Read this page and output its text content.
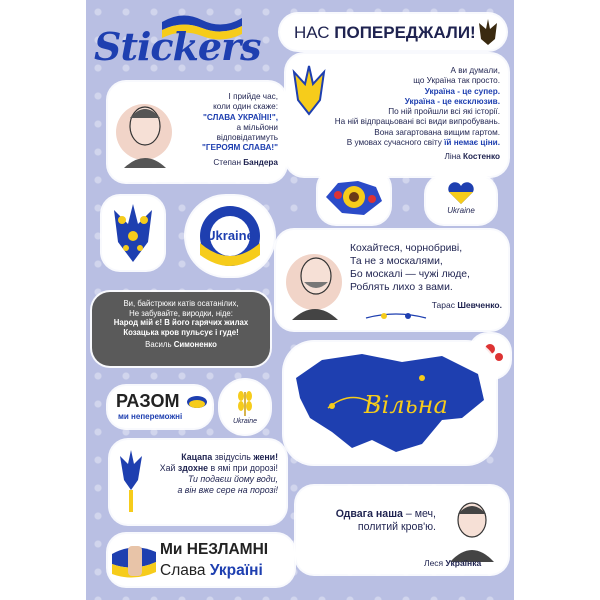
Stickers НАС ПОПЕРЕДЖАЛИ!
А ви думали,
що Україна так просто.
Україна - це супер.
Україна - це ексклюзив.
По ній пройшли всі які історії.
На ній відпрацьовані всі види випробувань.
Вона загартована вищим гартом.
В умовах сучасного світу їй немає ціни.
Ліна Костенко
І прийде час,
коли один скаже:
"СЛАВА УКРАЇНІ!",
а мільйони
відповідатимуть
"ГЕРОЯМ СЛАВА!"
Степан Бандера
Ukraine
Ukraine
Кохайтеся, чорнобриві,
Та не з москалями,
Бо москалі — чужі люде,
Роблять лихо з вами.
Тарас Шевченко.
Ви, байстрюки катів осатанілих,
Не забувайте, виродки, ніде:
Народ мій є! В його гарячих жилах
Козацька кров пульсує і гуде!
Василь Симоненко
РАЗОМ
ми непереможні
Ukraine
Вільна
Кацапа звідусіль жени!
Хай здохне в ямі при дорозі!
Ти подаєш йому води,
а він вже сере на порозі!
Одвага наша – меч,
политий кров'ю.
Леся Українка
Ми НЕЗЛАМНІ
Слава Україні
